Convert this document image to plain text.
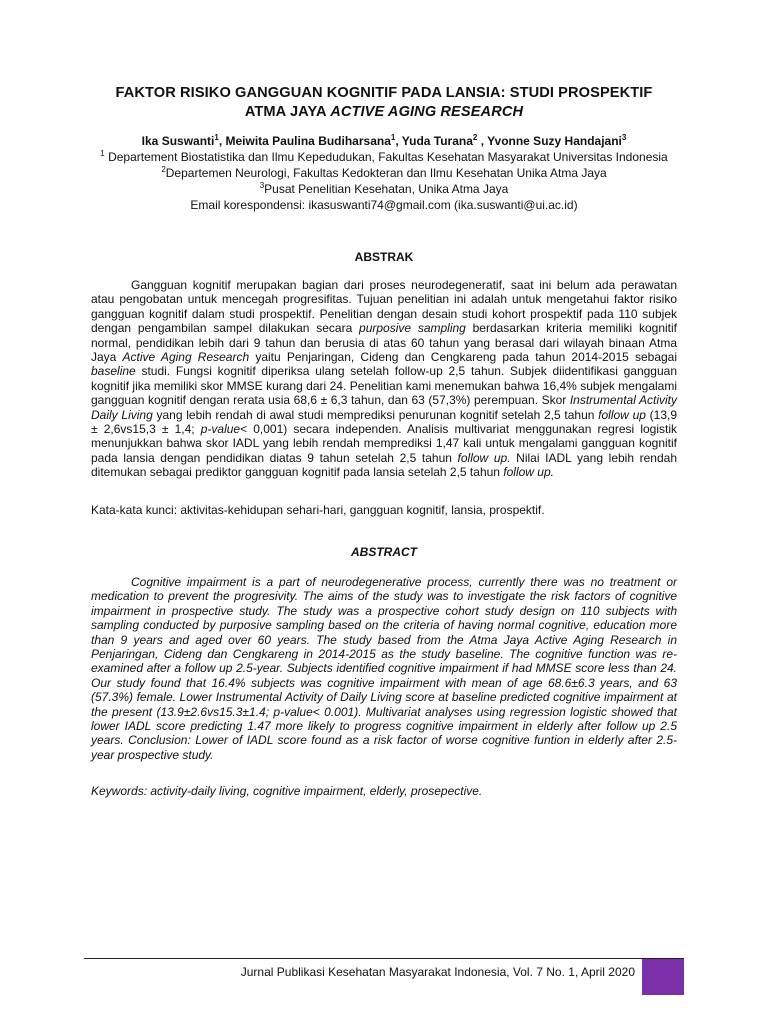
FAKTOR RISIKO GANGGUAN KOGNITIF PADA LANSIA: STUDI PROSPEKTIF
ATMA JAYA ACTIVE AGING RESEARCH
Ika Suswanti$^1$, Meiwita Paulina Budiharsana$^1$, Yuda Turana$^2$ , Yvonne Suzy Handajani$^3$
$^1$ Departement Biostatistika dan Ilmu Kepedudukan, Fakultas Kesehatan Masyarakat Universitas Indonesia
$^2$Departemen Neurologi, Fakultas Kedokteran dan Ilmu Kesehatan Unika Atma Jaya
$^3$Pusat Penelitian Kesehatan, Unika Atma Jaya
Email korespondensi: ikasuswanti74@gmail.com (ika.suswanti@ui.ac.id)
ABSTRAK
Gangguan kognitif merupakan bagian dari proses neurodegeneratif, saat ini belum ada perawatan atau pengobatan untuk mencegah progresifitas. Tujuan penelitian ini adalah untuk mengetahui faktor risiko gangguan kognitif dalam studi prospektif. Penelitian dengan desain studi kohort prospektif pada 110 subjek dengan pengambilan sampel dilakukan secara purposive sampling berdasarkan kriteria memiliki kognitif normal, pendidikan lebih dari 9 tahun dan berusia di atas 60 tahun yang berasal dari wilayah binaan Atma Jaya Active Aging Research yaitu Penjaringan, Cideng dan Cengkareng pada tahun 2014-2015 sebagai baseline studi. Fungsi kognitif diperiksa ulang setelah follow-up 2,5 tahun. Subjek diidentifikasi gangguan kognitif jika memiliki skor MMSE kurang dari 24. Penelitian kami menemukan bahwa 16,4% subjek mengalami gangguan kognitif dengan rerata usia 68,6 ± 6,3 tahun, dan 63 (57,3%) perempuan. Skor Instrumental Activity Daily Living yang lebih rendah di awal studi memprediksi penurunan kognitif setelah 2,5 tahun follow up (13,9 ± 2,6vs15,3 ± 1,4; p-value< 0,001) secara independen. Analisis multivariat menggunakan regresi logistik menunjukkan bahwa skor IADL yang lebih rendah memprediksi 1,47 kali untuk mengalami gangguan kognitif pada lansia dengan pendidikan diatas 9 tahun setelah 2,5 tahun follow up. Nilai IADL yang lebih rendah ditemukan sebagai prediktor gangguan kognitif pada lansia setelah 2,5 tahun follow up.
Kata-kata kunci: aktivitas-kehidupan sehari-hari, gangguan kognitif, lansia, prospektif.
ABSTRACT
Cognitive impairment is a part of neurodegenerative process, currently there was no treatment or medication to prevent the progresivity. The aims of the study was to investigate the risk factors of cognitive impairment in prospective study. The study was a prospective cohort study design on 110 subjects with sampling conducted by purposive sampling based on the criteria of having normal cognitive, education more than 9 years and aged over 60 years. The study based from the Atma Jaya Active Aging Research in Penjaringan, Cideng dan Cengkareng in 2014-2015 as the study baseline. The cognitive function was re-examined after a follow up 2.5-year. Subjects identified cognitive impairment if had MMSE score less than 24. Our study found that 16.4% subjects was cognitive impairment with mean of age 68.6±6.3 years, and 63 (57.3%) female. Lower Instrumental Activity of Daily Living score at baseline predicted cognitive impairment at the present (13.9±2.6vs15.3±1.4; p-value< 0.001). Multivariat analyses using regression logistic showed that lower IADL score predicting 1.47 more likely to progress cognitive impairment in elderly after follow up 2.5 years. Conclusion: Lower of IADL score found as a risk factor of worse cognitive funtion in elderly after 2.5-year prospective study.
Keywords: activity-daily living, cognitive impairment, elderly, prosepective.
Jurnal Publikasi Kesehatan Masyarakat Indonesia, Vol. 7 No. 1, April 2020
